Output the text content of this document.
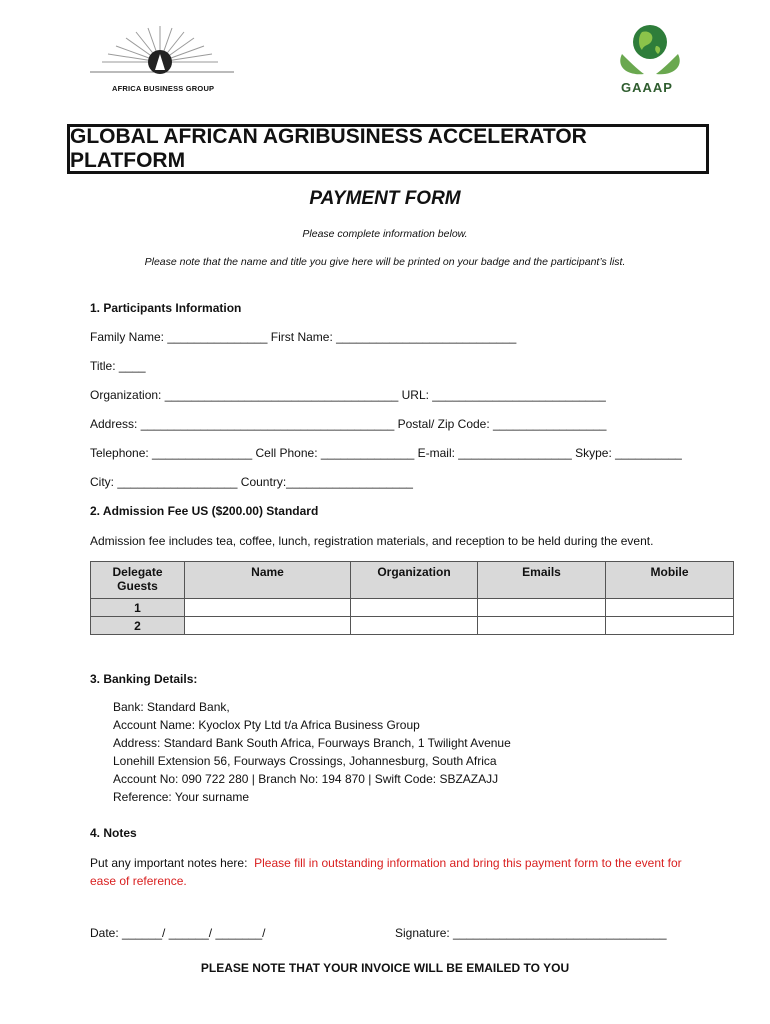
AFRICA BUSINESS GROUP	GAAAP
GLOBAL AFRICAN AGRIBUSINESS ACCELERATOR PLATFORM
PAYMENT FORM
Please complete information below.
Please note that the name and title you give here will be printed on your badge and the participant’s list.
1. Participants Information
Family Name: _______________ First Name: ___________________________
Title: ____
Organization: ___________________________________ URL: __________________________
Address: ______________________________________ Postal/ Zip Code: _________________
Telephone: _______________ Cell Phone: ______________ E-mail: _________________ Skype: __________
City: __________________ Country:___________________
2. Admission Fee US ($200.00) Standard
Admission fee includes tea, coffee, lunch, registration materials, and reception to be held during the event.
Delegate Guests	Name	Organization	Emails	Mobile
1				
2				
3. Banking Details:
Bank: Standard Bank,
Account Name: Kyoclox Pty Ltd t/a Africa Business Group
Address: Standard Bank South Africa, Fourways Branch, 1 Twilight Avenue
Lonehill Extension 56, Fourways Crossings, Johannesburg, South Africa
Account No: 090 722 280 | Branch No: 194 870 | Swift Code: SBZAZAJJ
Reference: Your surname
4. Notes
Put any important notes here: Please fill in outstanding information and bring this payment form to the event for ease of reference.
Date: ______/ ______/ _______/	Signature: ________________________________
PLEASE NOTE THAT YOUR INVOICE WILL BE EMAILED TO YOU
